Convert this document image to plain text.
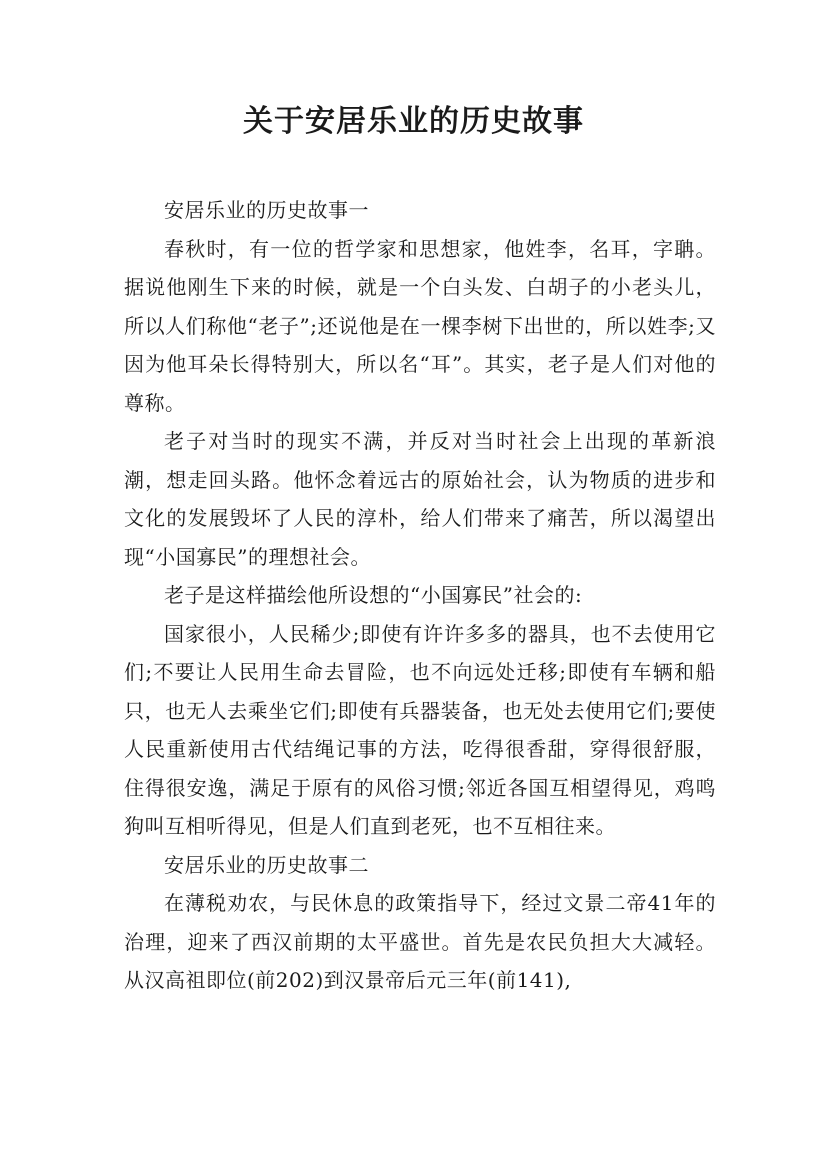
关于安居乐业的历史故事

安居乐业的历史故事一

春秋时，有一位的哲学家和思想家，他姓李，名耳，字聃。据说他刚生下来的时候，就是一个白头发、白胡子的小老头儿，所以人们称他“老子”;还说他是在一棵李树下出世的，所以姓李;又因为他耳朵长得特别大，所以名“耳”。其实，老子是人们对他的尊称。

老子对当时的现实不满，并反对当时社会上出现的革新浪潮，想走回头路。他怀念着远古的原始社会，认为物质的进步和文化的发展毁坏了人民的淳朴，给人们带来了痛苦，所以渴望出现“小国寡民”的理想社会。

老子是这样描绘他所设想的“小国寡民”社会的:

国家很小，人民稀少;即使有许许多多的器具，也不去使用它们;不要让人民用生命去冒险，也不向远处迁移;即使有车辆和船只，也无人去乘坐它们;即使有兵器装备，也无处去使用它们;要使人民重新使用古代结绳记事的方法，吃得很香甜，穿得很舒服，住得很安逸，满足于原有的风俗习惯;邻近各国互相望得见，鸡鸣狗叫互相听得见，但是人们直到老死，也不互相往来。

安居乐业的历史故事二

在薄税劝农，与民休息的政策指导下，经过文景二帝41年的治理，迎来了西汉前期的太平盛世。首先是农民负担大大减轻。从汉高祖即位(前202)到汉景帝后元三年(前141),
